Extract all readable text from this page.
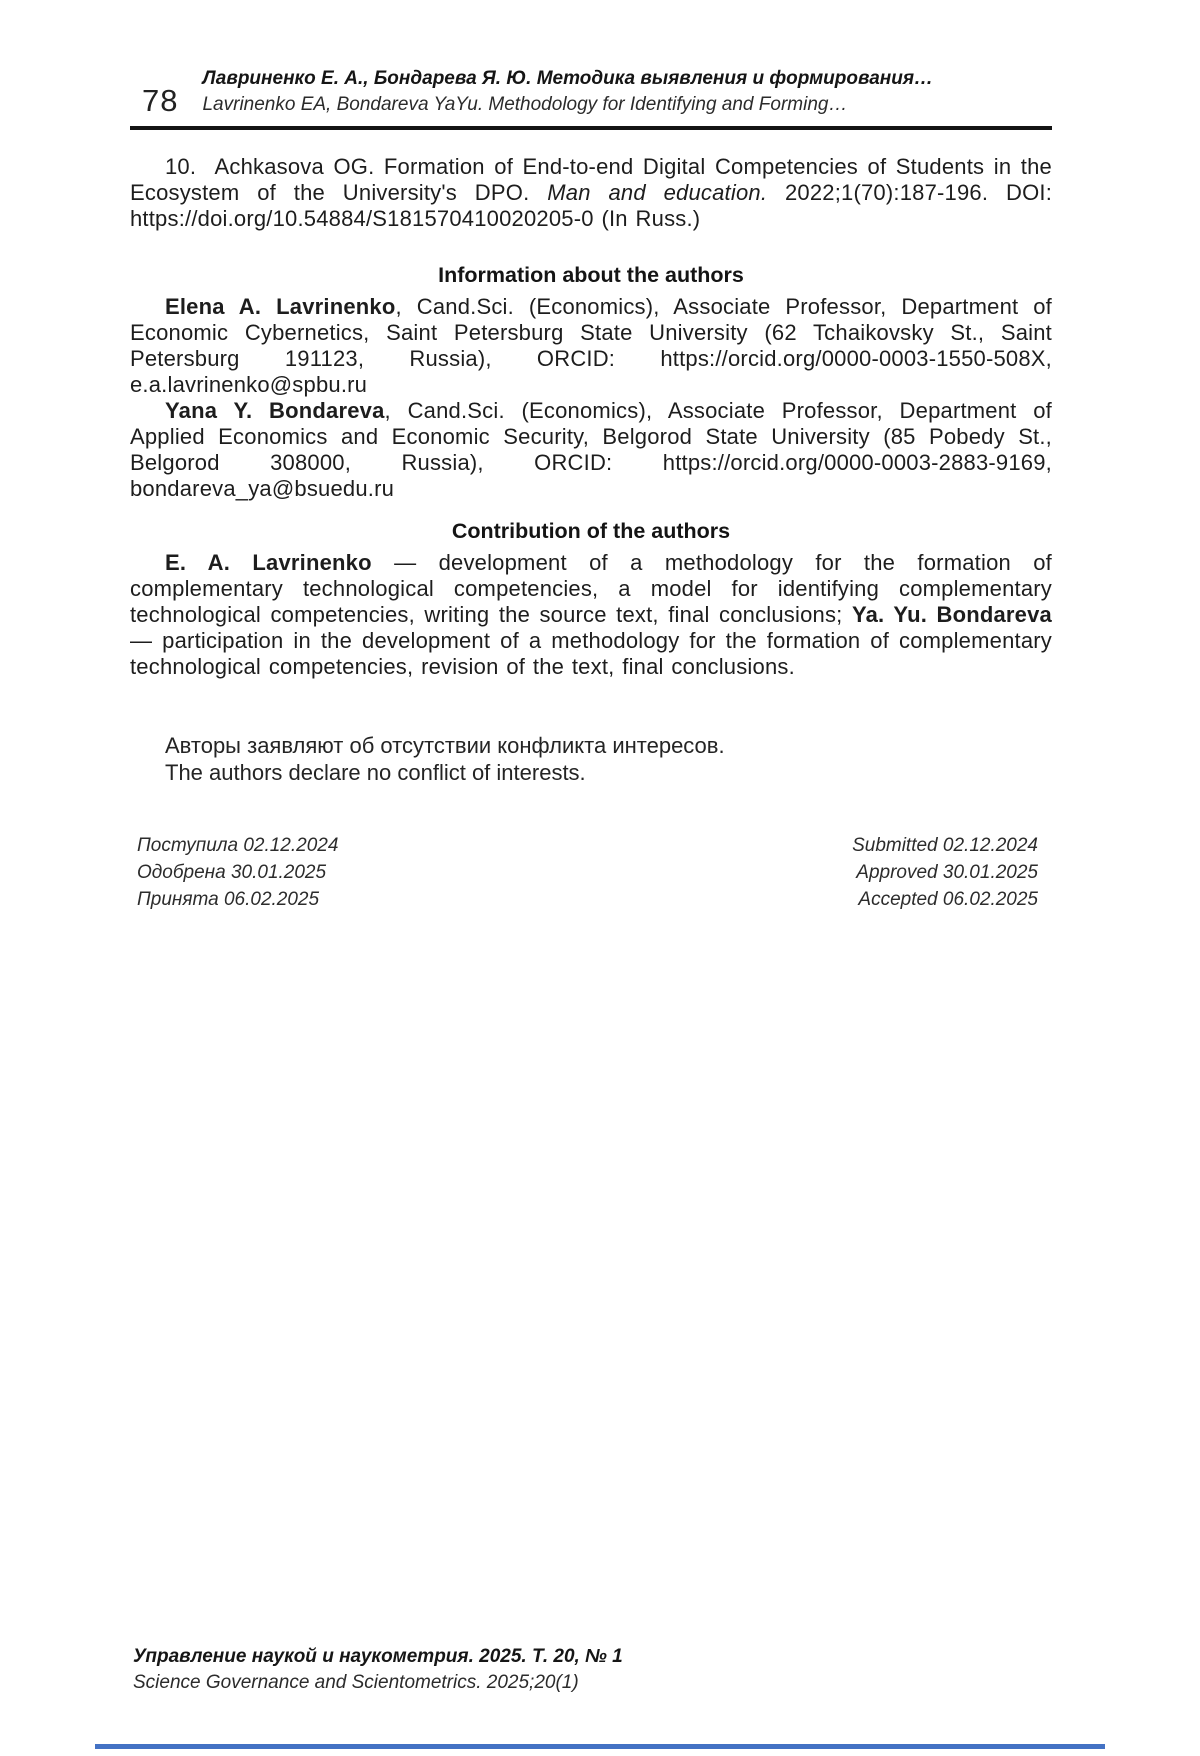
78
Лавриненко Е. А., Бондарева Я. Ю. Методика выявления и формирования…
Lavrinenko EA, Bondareva YaYu. Methodology for Identifying and Forming…

10. Achkasova OG. Formation of End-to-end Digital Competencies of Students in the Ecosystem of the University's DPO. Man and education. 2022;1(70):187-196. DOI: https://doi.org/10.54884/S181570410020205-0 (In Russ.)

Information about the authors

Elena A. Lavrinenko, Cand.Sci. (Economics), Associate Professor, Department of Economic Cybernetics, Saint Petersburg State University (62 Tchaikovsky St., Saint Petersburg 191123, Russia), ORCID: https://orcid.org/0000-0003-1550-508X, e.a.lavrinenko@spbu.ru

Yana Y. Bondareva, Cand.Sci. (Economics), Associate Professor, Department of Applied Economics and Economic Security, Belgorod State University (85 Pobedy St., Belgorod 308000, Russia), ORCID: https://orcid.org/0000-0003-2883-9169, bondareva_ya@bsuedu.ru

Contribution of the authors

E. A. Lavrinenko — development of a methodology for the formation of complementary technological competencies, a model for identifying complementary technological competencies, writing the source text, final conclusions; Ya. Yu. Bondareva — participation in the development of a methodology for the formation of complementary technological competencies, revision of the text, final conclusions.

Авторы заявляют об отсутствии конфликта интересов.

The authors declare no conflict of interests.

Поступила 02.12.2024	Submitted 02.12.2024
Одобрена 30.01.2025	Approved 30.01.2025
Принята 06.02.2025	Accepted 06.02.2025
Управление наукой и наукометрия. 2025. Т. 20, № 1
Science Governance and Scientometrics. 2025;20(1)
